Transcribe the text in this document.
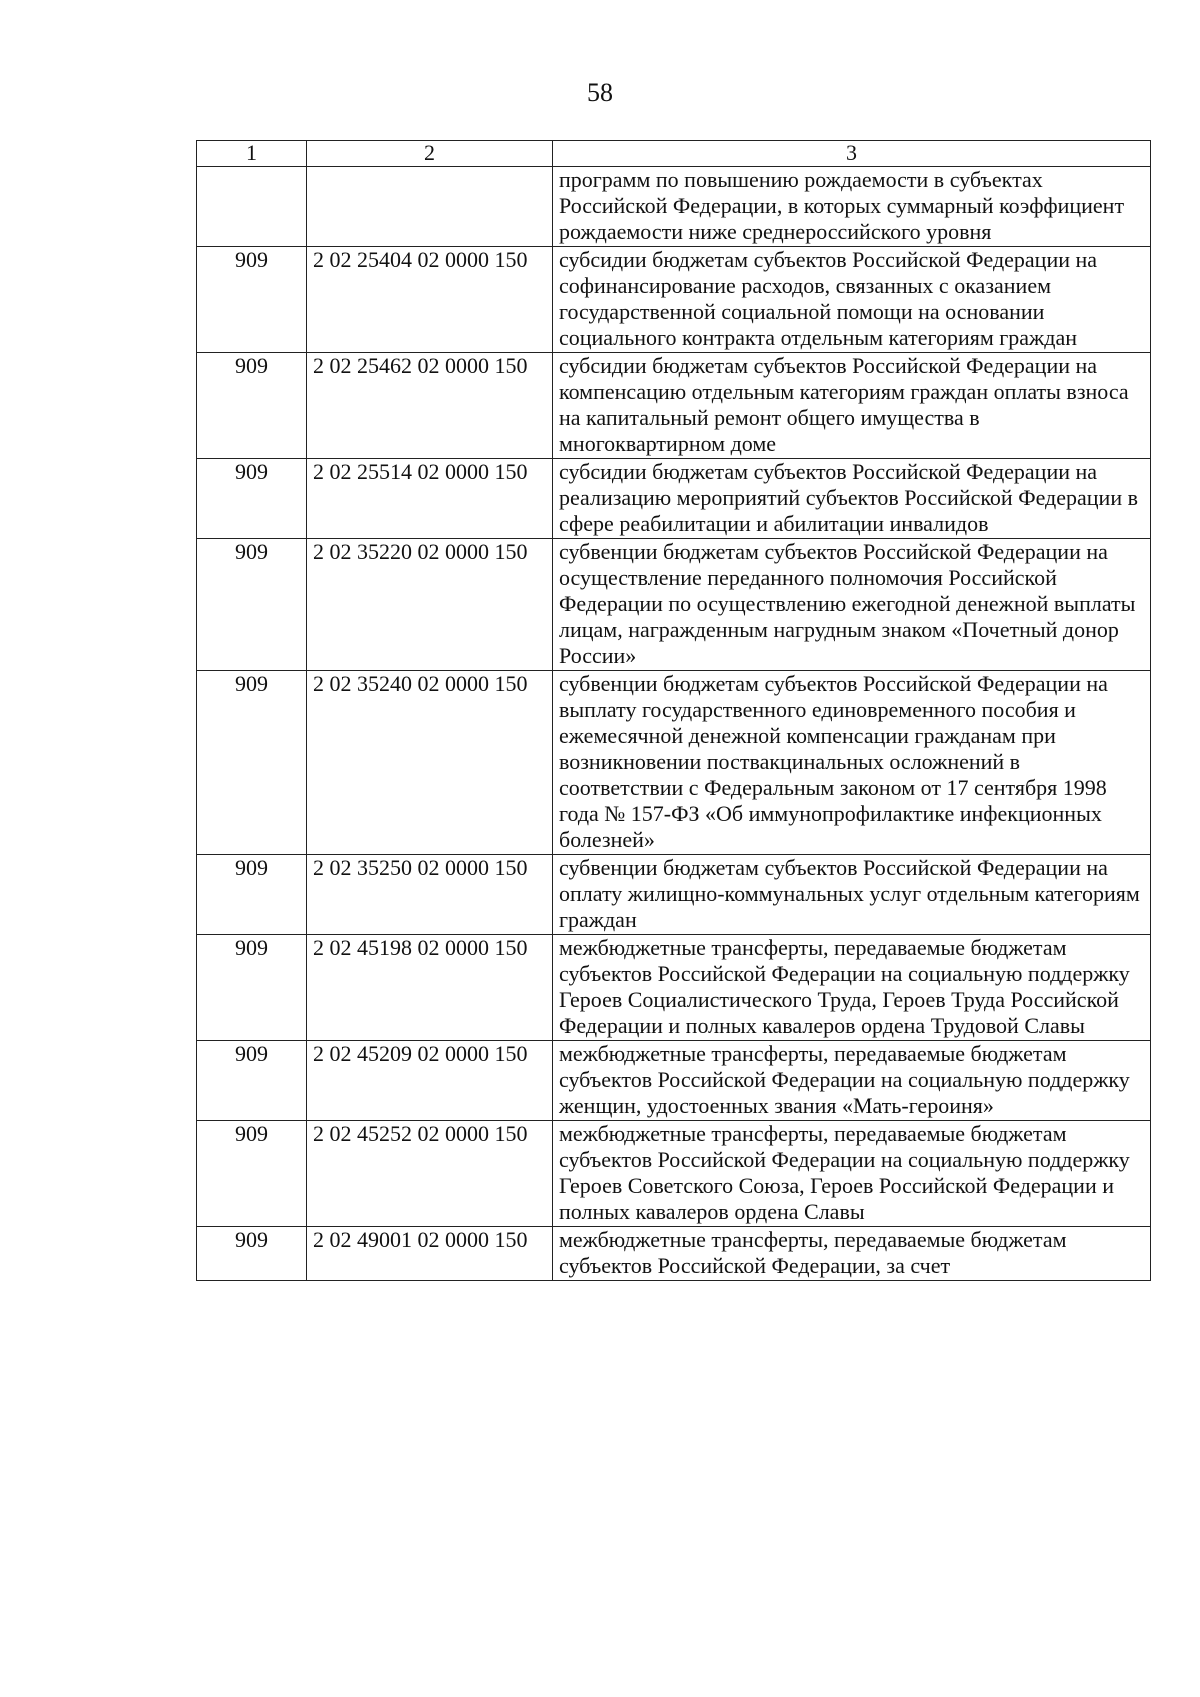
58
1	2	3
		программ по повышению рождаемости в субъектах Российской Федерации, в которых суммарный коэффициент рождаемости ниже среднероссийского уровня
909	2 02 25404 02 0000 150	субсидии бюджетам субъектов Российской Федерации на софинансирование расходов, связанных с оказанием государственной социальной помощи на основании социального контракта отдельным категориям граждан
909	2 02 25462 02 0000 150	субсидии бюджетам субъектов Российской Федерации на компенсацию отдельным категориям граждан оплаты взноса на капитальный ремонт общего имущества в многоквартирном доме
909	2 02 25514 02 0000 150	субсидии бюджетам субъектов Российской Федерации на реализацию мероприятий субъектов Российской Федерации в сфере реабилитации и абилитации инвалидов
909	2 02 35220 02 0000 150	субвенции бюджетам субъектов Российской Федерации на осуществление переданного полномочия Российской Федерации по осуществлению ежегодной денежной выплаты лицам, награжденным нагрудным знаком «Почетный донор России»
909	2 02 35240 02 0000 150	субвенции бюджетам субъектов Российской Федерации на выплату государственного единовременного пособия и ежемесячной денежной компенсации гражданам при возникновении поствакцинальных осложнений в соответствии с Федеральным законом от 17 сентября 1998 года № 157-ФЗ «Об иммунопрофилактике инфекционных болезней»
909	2 02 35250 02 0000 150	субвенции бюджетам субъектов Российской Федерации на оплату жилищно-коммунальных услуг отдельным категориям граждан
909	2 02 45198 02 0000 150	межбюджетные трансферты, передаваемые бюджетам субъектов Российской Федерации на социальную поддержку Героев Социалистического Труда, Героев Труда Российской Федерации и полных кавалеров ордена Трудовой Славы
909	2 02 45209 02 0000 150	межбюджетные трансферты, передаваемые бюджетам субъектов Российской Федерации на социальную поддержку женщин, удостоенных звания «Мать-героиня»
909	2 02 45252 02 0000 150	межбюджетные трансферты, передаваемые бюджетам субъектов Российской Федерации на социальную поддержку Героев Советского Союза, Героев Российской Федерации и полных кавалеров ордена Славы
909	2 02 49001 02 0000 150	межбюджетные трансферты, передаваемые бюджетам субъектов Российской Федерации, за счет
